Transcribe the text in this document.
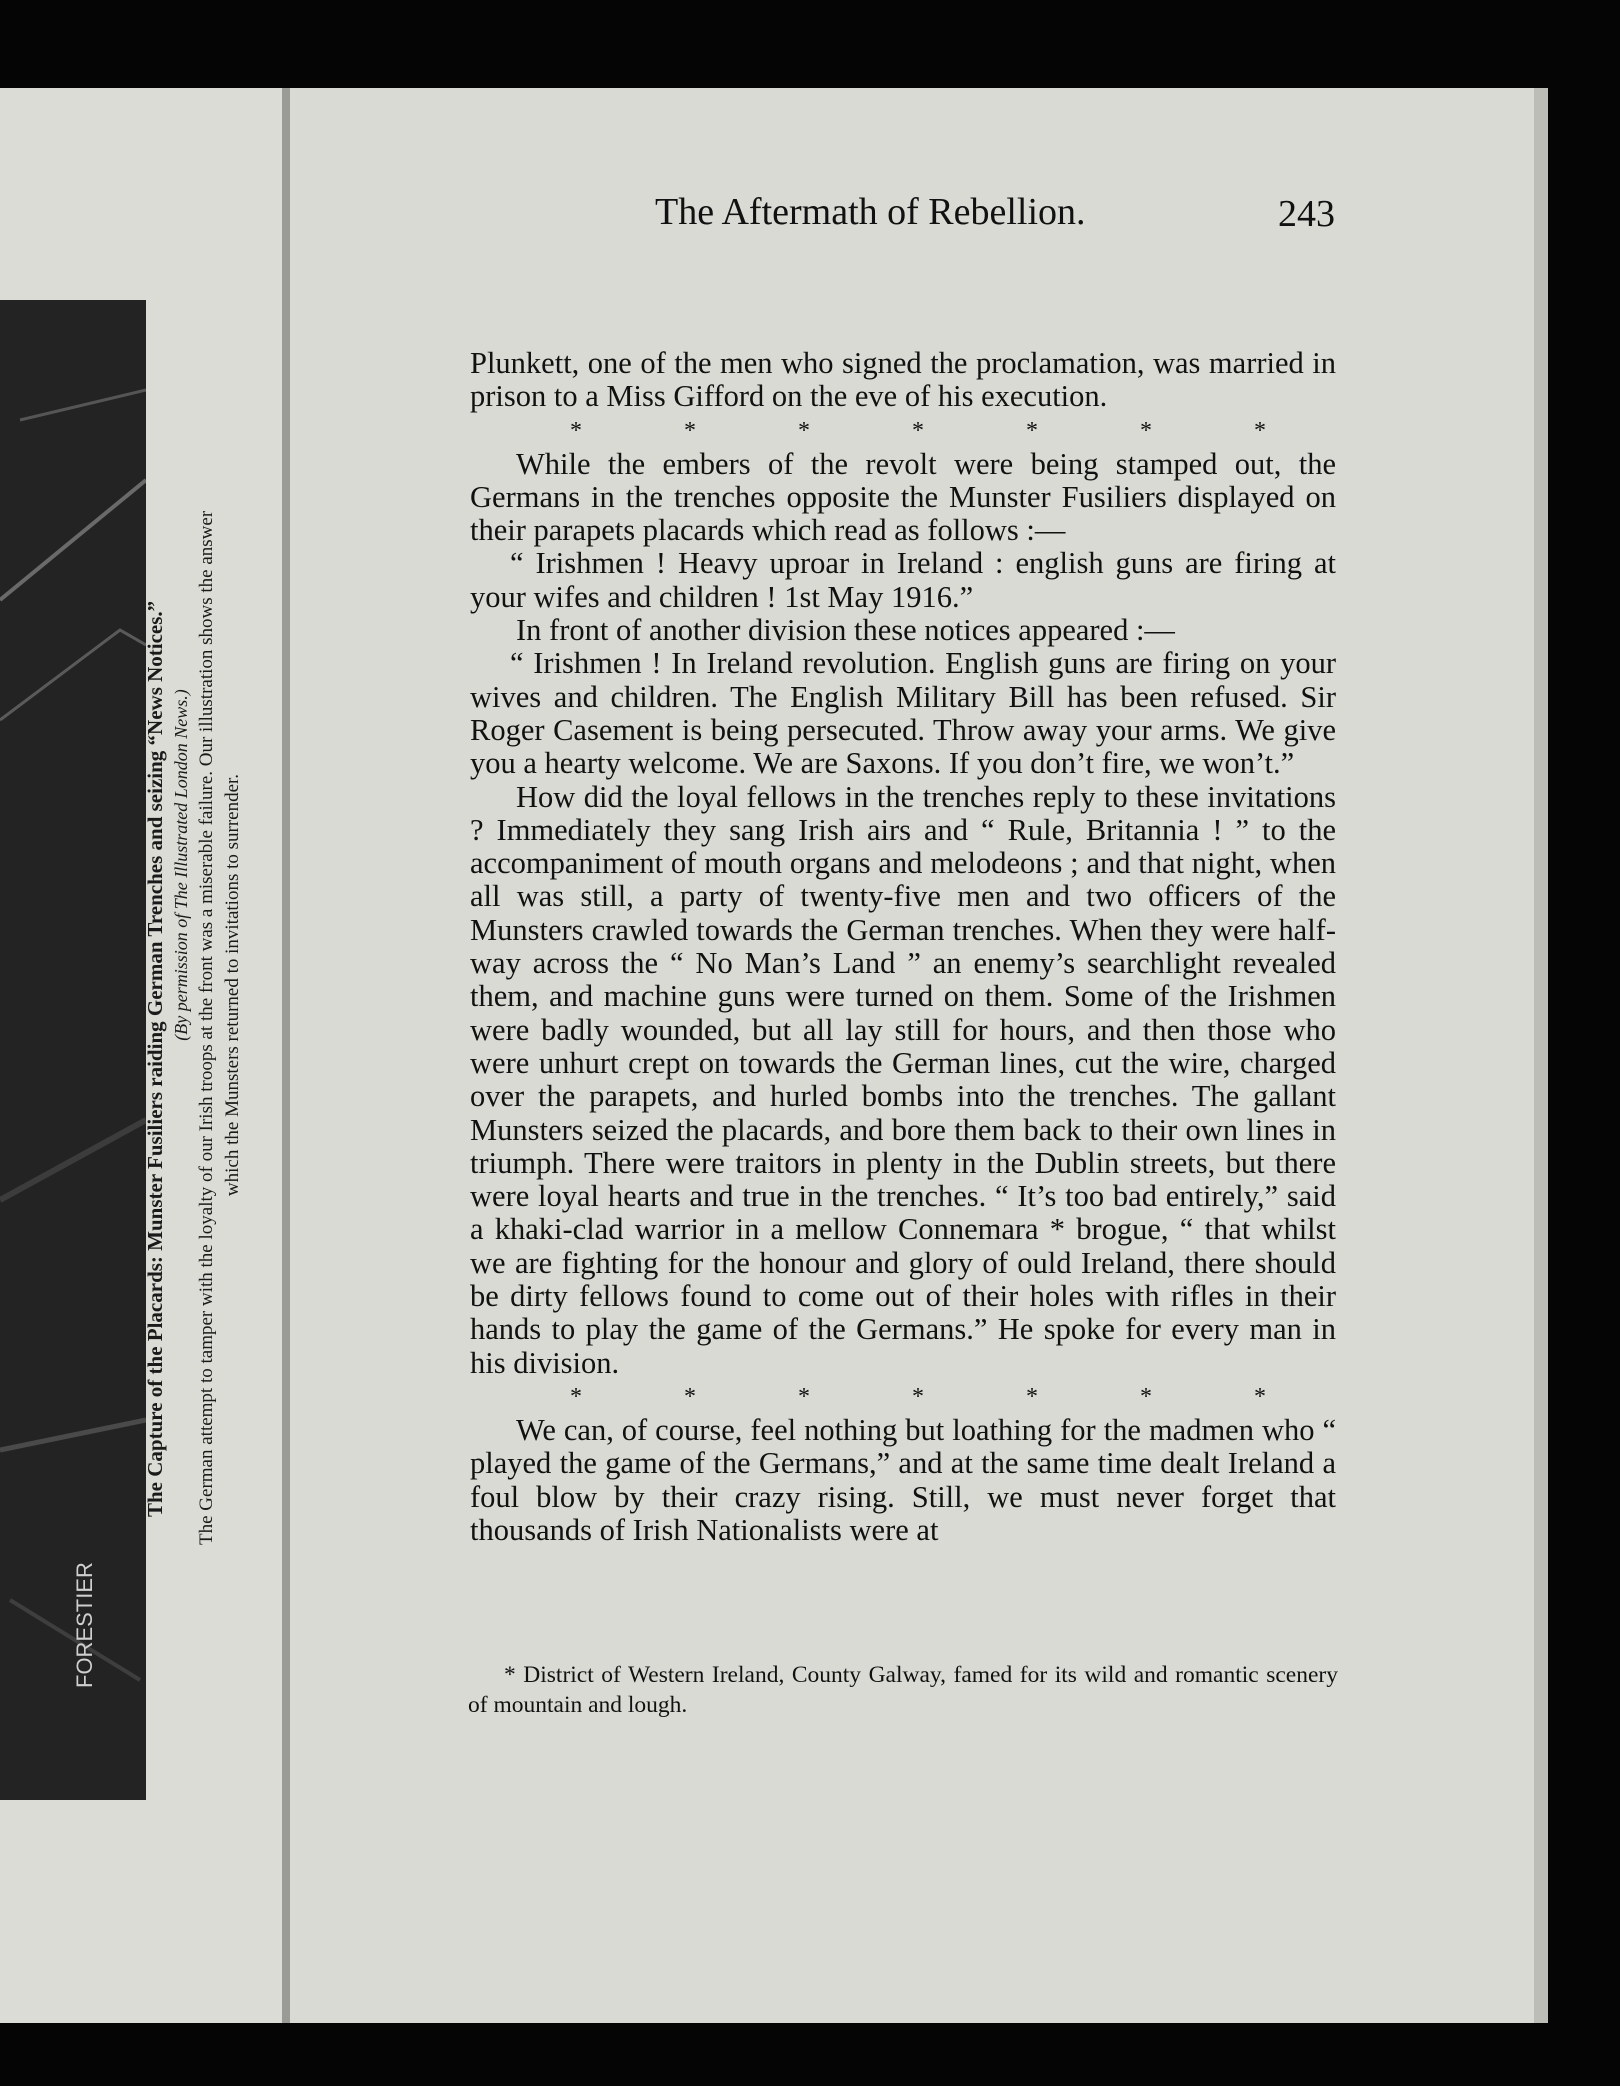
The Capture of the Placards: Munster Fusiliers raiding German Trenches and seizing “News Notices.” (By permission of The Illustrated London News.) The German attempt to tamper with the loyalty of our Irish troops at the front was a miserable failure. Our illustration shows the answer which the Munsters returned to invitations to surrender.
The Aftermath of Rebellion.	243

Plunkett, one of the men who signed the proclamation, was married in prison to a Miss Gifford on the eve of his execution.

*	*	*	*	*	*	*

While the embers of the revolt were being stamped out, the Germans in the trenches opposite the Munster Fusiliers displayed on their parapets placards which read as follows :—

“ Irishmen ! Heavy uproar in Ireland : english guns are firing at your wifes and children ! 1st May 1916.”

In front of another division these notices appeared :—

“ Irishmen ! In Ireland revolution. English guns are firing on your wives and children. The English Military Bill has been refused. Sir Roger Casement is being persecuted. Throw away your arms. We give you a hearty welcome. We are Saxons. If you don’t fire, we won’t.”

How did the loyal fellows in the trenches reply to these invitations ? Immediately they sang Irish airs and “ Rule, Britannia ! ” to the accompaniment of mouth organs and melodeons ; and that night, when all was still, a party of twenty-five men and two officers of the Munsters crawled towards the German trenches. When they were half-way across the “ No Man’s Land ” an enemy’s searchlight revealed them, and machine guns were turned on them. Some of the Irishmen were badly wounded, but all lay still for hours, and then those who were unhurt crept on towards the German lines, cut the wire, charged over the parapets, and hurled bombs into the trenches. The gallant Munsters seized the placards, and bore them back to their own lines in triumph. There were traitors in plenty in the Dublin streets, but there were loyal hearts and true in the trenches. “ It’s too bad entirely,” said a khaki-clad warrior in a mellow Connemara * brogue, “ that whilst we are fighting for the honour and glory of ould Ireland, there should be dirty fellows found to come out of their holes with rifles in their hands to play the game of the Germans.” He spoke for every man in his division.

*	*	*	*	*	*	*

We can, of course, feel nothing but loathing for the madmen who “ played the game of the Germans,” and at the same time dealt Ireland a foul blow by their crazy rising. Still, we must never forget that thousands of Irish Nationalists were at

* District of Western Ireland, County Galway, famed for its wild and romantic scenery of mountain and lough.
